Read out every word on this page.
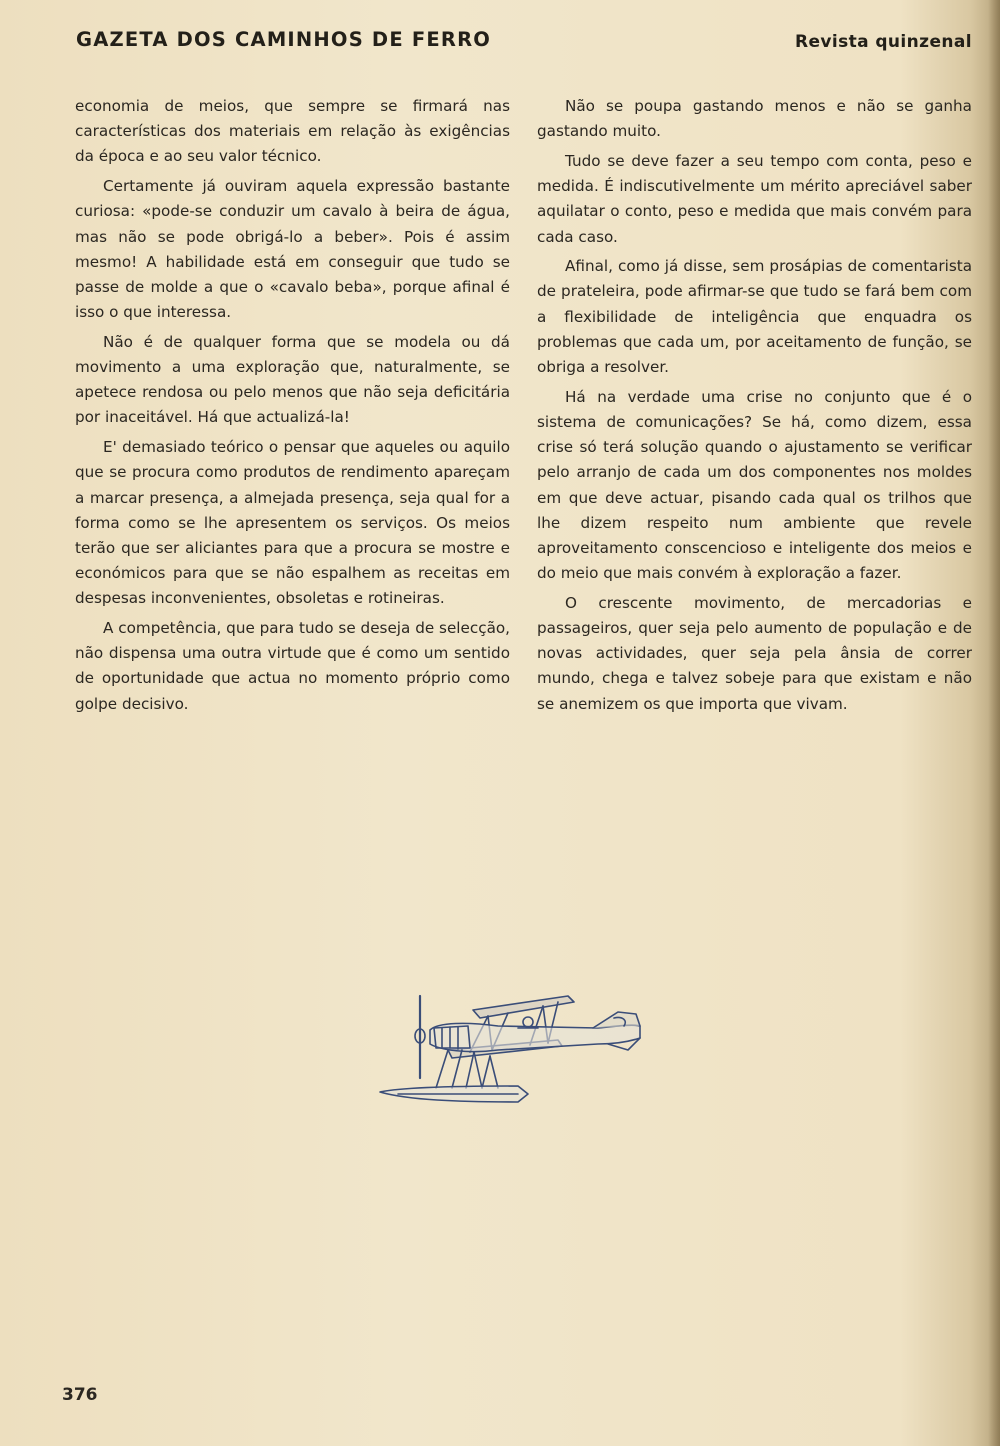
GAZETA DOS CAMINHOS DE FERRO	Revista quinzenal

economia de meios, que sempre se firmará nas características dos materiais em relação às exigências da época e ao seu valor técnico.

Certamente já ouviram aquela expressão bastante curiosa: «pode-se conduzir um cavalo à beira de água, mas não se pode obrigá-lo a beber». Pois é assim mesmo! A habilidade está em conseguir que tudo se passe de molde a que o «cavalo beba», porque afinal é isso o que interessa.

Não é de qualquer forma que se modela ou dá movimento a uma exploração que, naturalmente, se apetece rendosa ou pelo menos que não seja deficitária por inaceitável. Há que actualizá-la!

E' demasiado teórico o pensar que aqueles ou aquilo que se procura como produtos de rendimento apareçam a marcar presença, a almejada presença, seja qual for a forma como se lhe apresentem os serviços. Os meios terão que ser aliciantes para que a procura se mostre e económicos para que se não espalhem as receitas em despesas inconvenientes, obsoletas e rotineiras.

A competência, que para tudo se deseja de selecção, não dispensa uma outra virtude que é como um sentido de oportunidade que actua no momento próprio como golpe decisivo.

Não se poupa gastando menos e não se ganha gastando muito.

Tudo se deve fazer a seu tempo com conta, peso e medida. É indiscutivelmente um mérito apreciável saber aquilatar o conto, peso e medida que mais convém para cada caso.

Afinal, como já disse, sem prosápias de comentarista de prateleira, pode afirmar-se que tudo se fará bem com a flexibilidade de inteligência que enquadra os problemas que cada um, por aceitamento de função, se obriga a resolver.

Há na verdade uma crise no conjunto que é o sistema de comunicações? Se há, como dizem, essa crise só terá solução quando o ajustamento se verificar pelo arranjo de cada um dos componentes nos moldes em que deve actuar, pisando cada qual os trilhos que lhe dizem respeito num ambiente que revele aproveitamento conscencioso e inteligente dos meios e do meio que mais convém à exploração a fazer.

O crescente movimento, de mercadorias e passageiros, quer seja pelo aumento de população e de novas actividades, quer seja pela ânsia de correr mundo, chega e talvez sobeje para que existam e não se anemizem os que importa que vivam.

376
